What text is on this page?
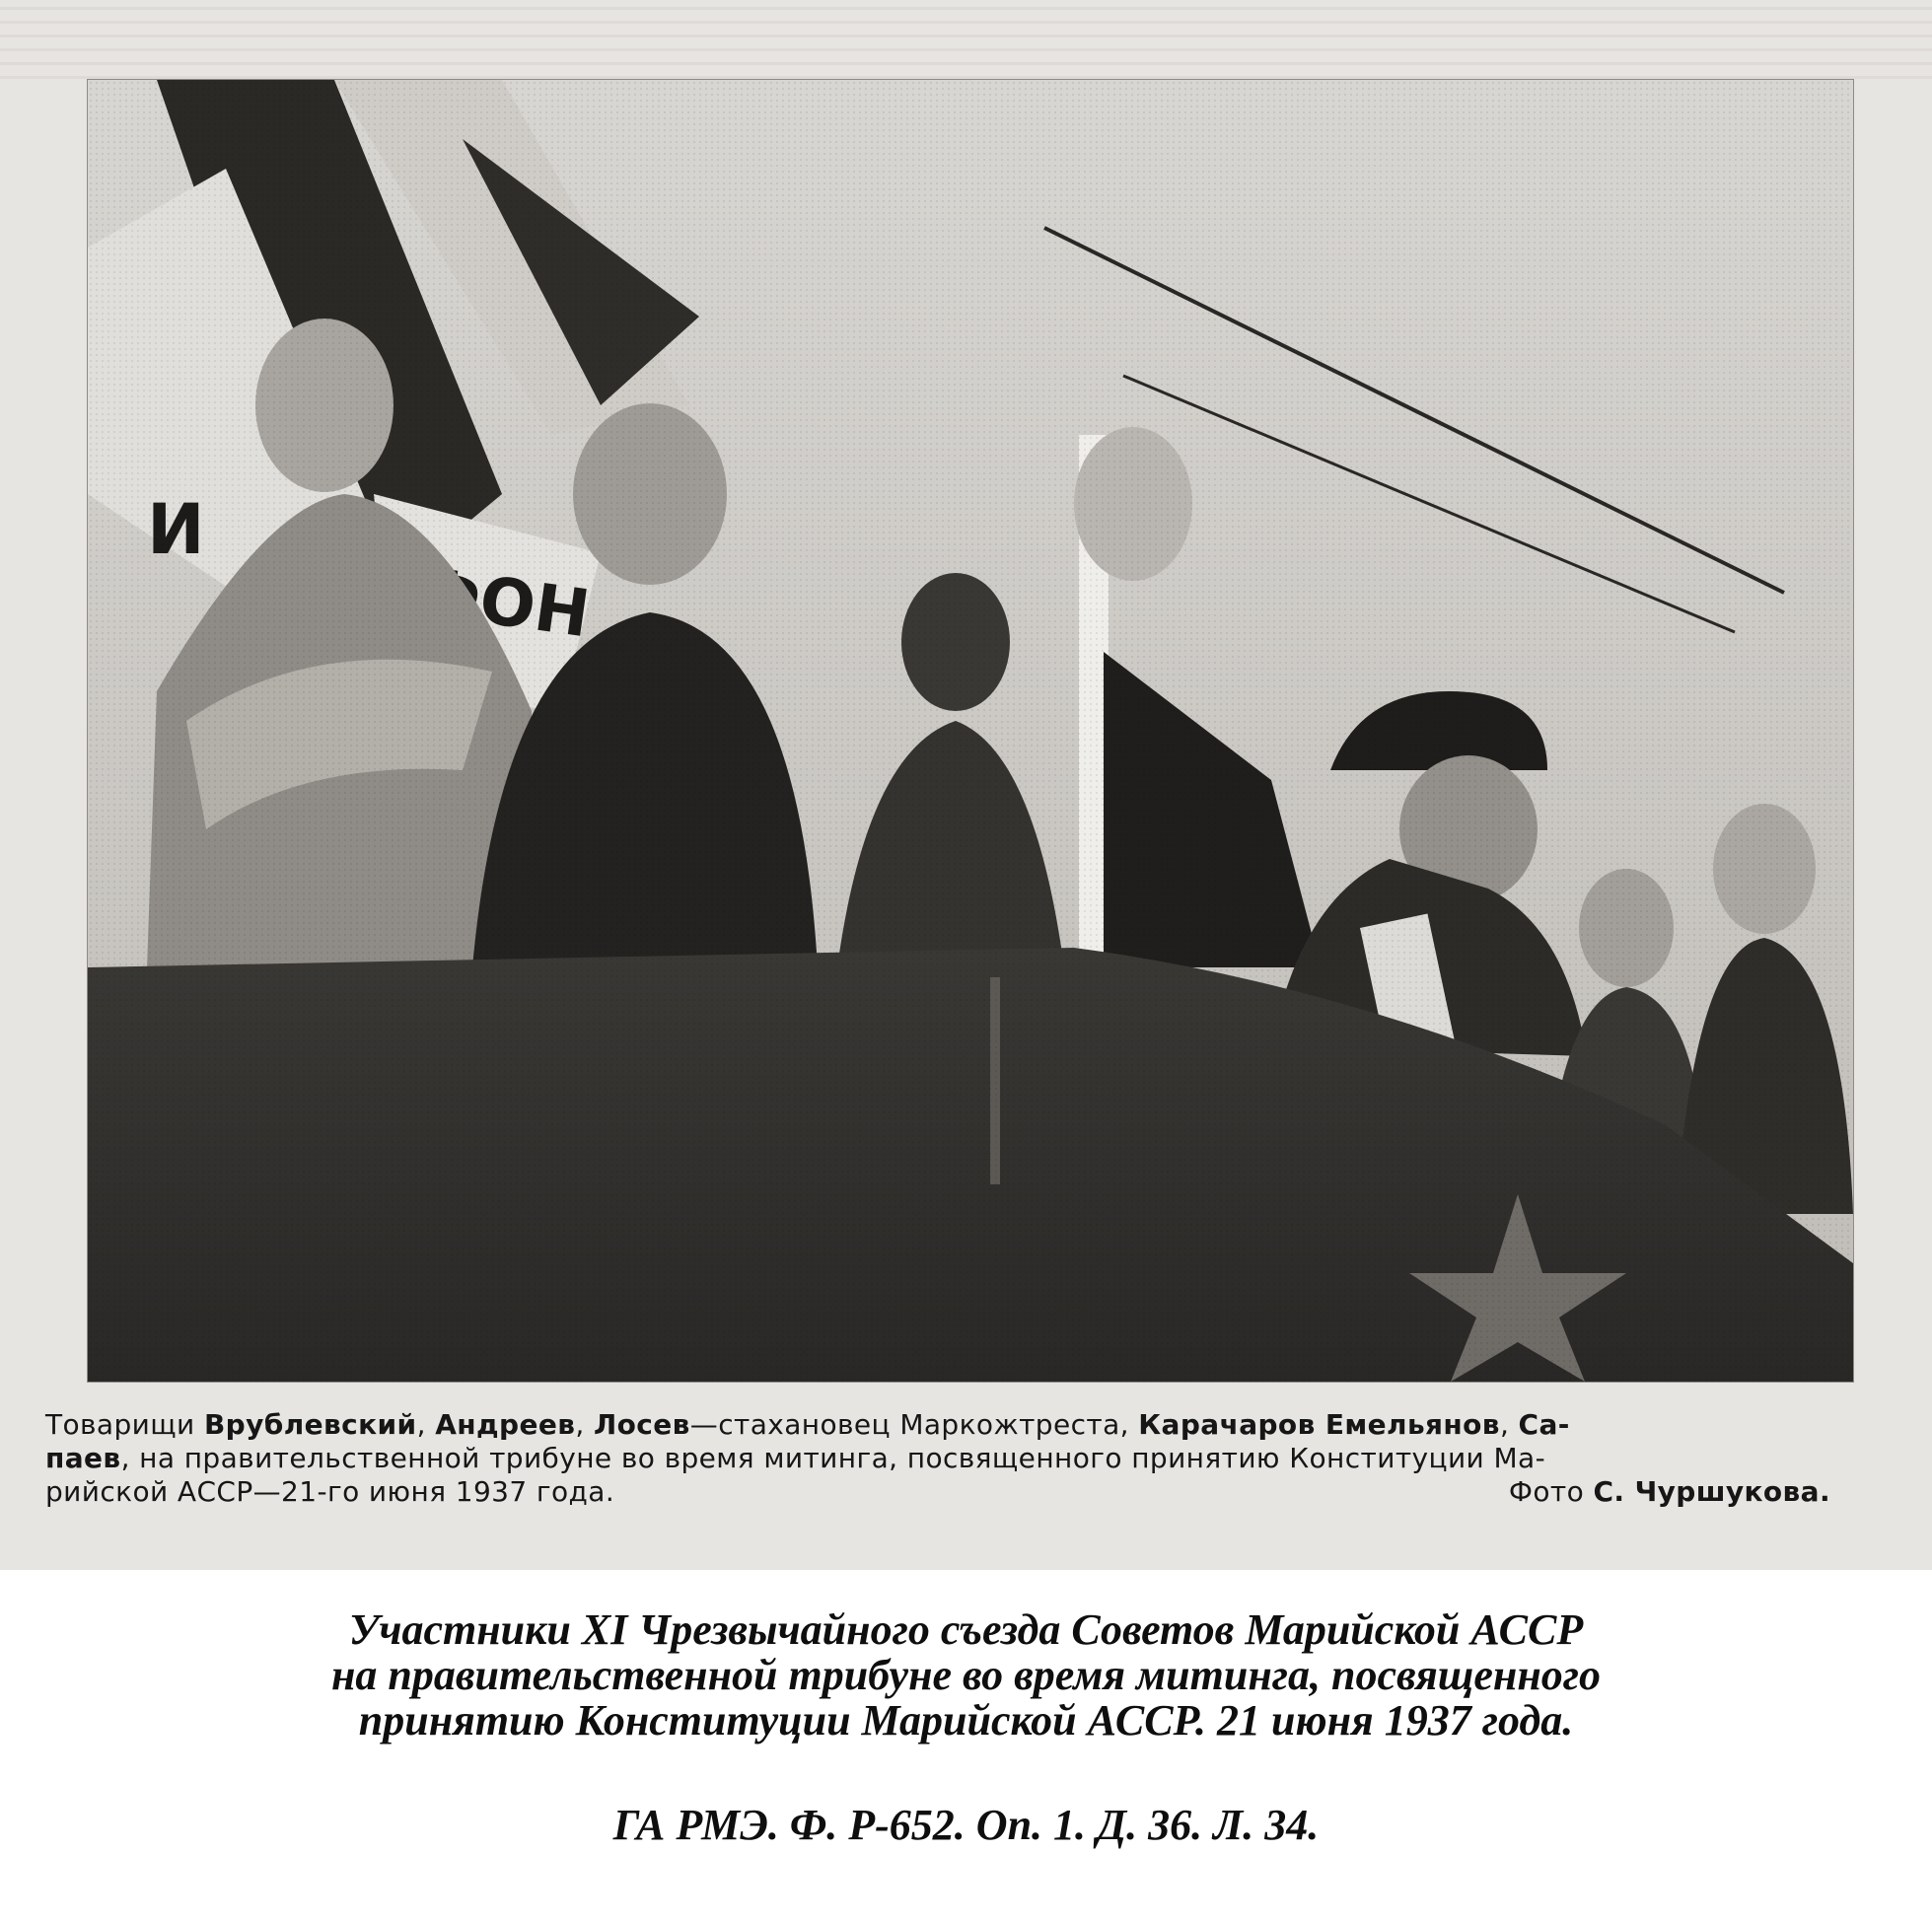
Товарищи Врублевский, Андреев, Лосев—стахановец Маркожтреста, Карачаров Емельянов, Са-
паев, на правительственной трибуне во время митинга, посвященного принятию Конституции Ма-
рийской АССР—21-го июня 1937 года.	Фото С. Чуршукова.
Участники XI Чрезвычайного съезда Советов Марийской АССР
на правительственной трибуне во время митинга, посвященного
принятию Конституции Марийской АССР. 21 июня 1937 года.
ГА РМЭ. Ф. Р-652. Оп. 1. Д. 36. Л. 34.
